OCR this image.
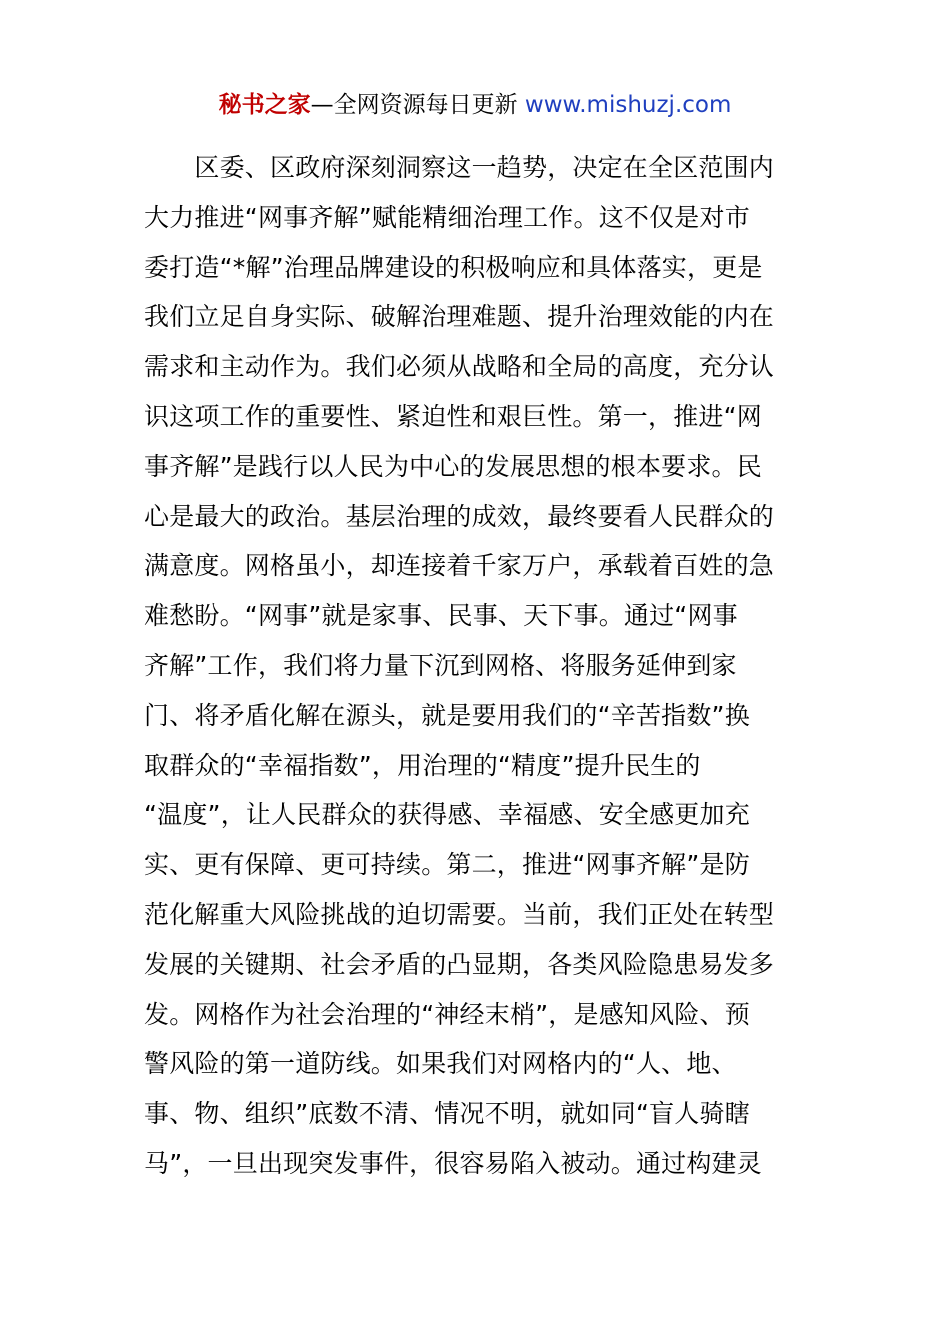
秘书之家—全网资源每日更新 www.mishuzj.com
　　区委、区政府深刻洞察这一趋势，决定在全区范围内
大力推进“网事齐解”赋能精细治理工作。这不仅是对市
委打造“*解”治理品牌建设的积极响应和具体落实，更是
我们立足自身实际、破解治理难题、提升治理效能的内在
需求和主动作为。我们必须从战略和全局的高度，充分认
识这项工作的重要性、紧迫性和艰巨性。第一，推进“网
事齐解”是践行以人民为中心的发展思想的根本要求。民
心是最大的政治。基层治理的成效，最终要看人民群众的
满意度。网格虽小，却连接着千家万户，承载着百姓的急
难愁盼。“网事”就是家事、民事、天下事。通过“网事
齐解”工作，我们将力量下沉到网格、将服务延伸到家
门、将矛盾化解在源头，就是要用我们的“辛苦指数”换
取群众的“幸福指数”，用治理的“精度”提升民生的
“温度”，让人民群众的获得感、幸福感、安全感更加充
实、更有保障、更可持续。第二，推进“网事齐解”是防
范化解重大风险挑战的迫切需要。当前，我们正处在转型
发展的关键期、社会矛盾的凸显期，各类风险隐患易发多
发。网格作为社会治理的“神经末梢”，是感知风险、预
警风险的第一道防线。如果我们对网格内的“人、地、
事、物、组织”底数不清、情况不明，就如同“盲人骑瞎
马”，一旦出现突发事件，很容易陷入被动。通过构建灵
